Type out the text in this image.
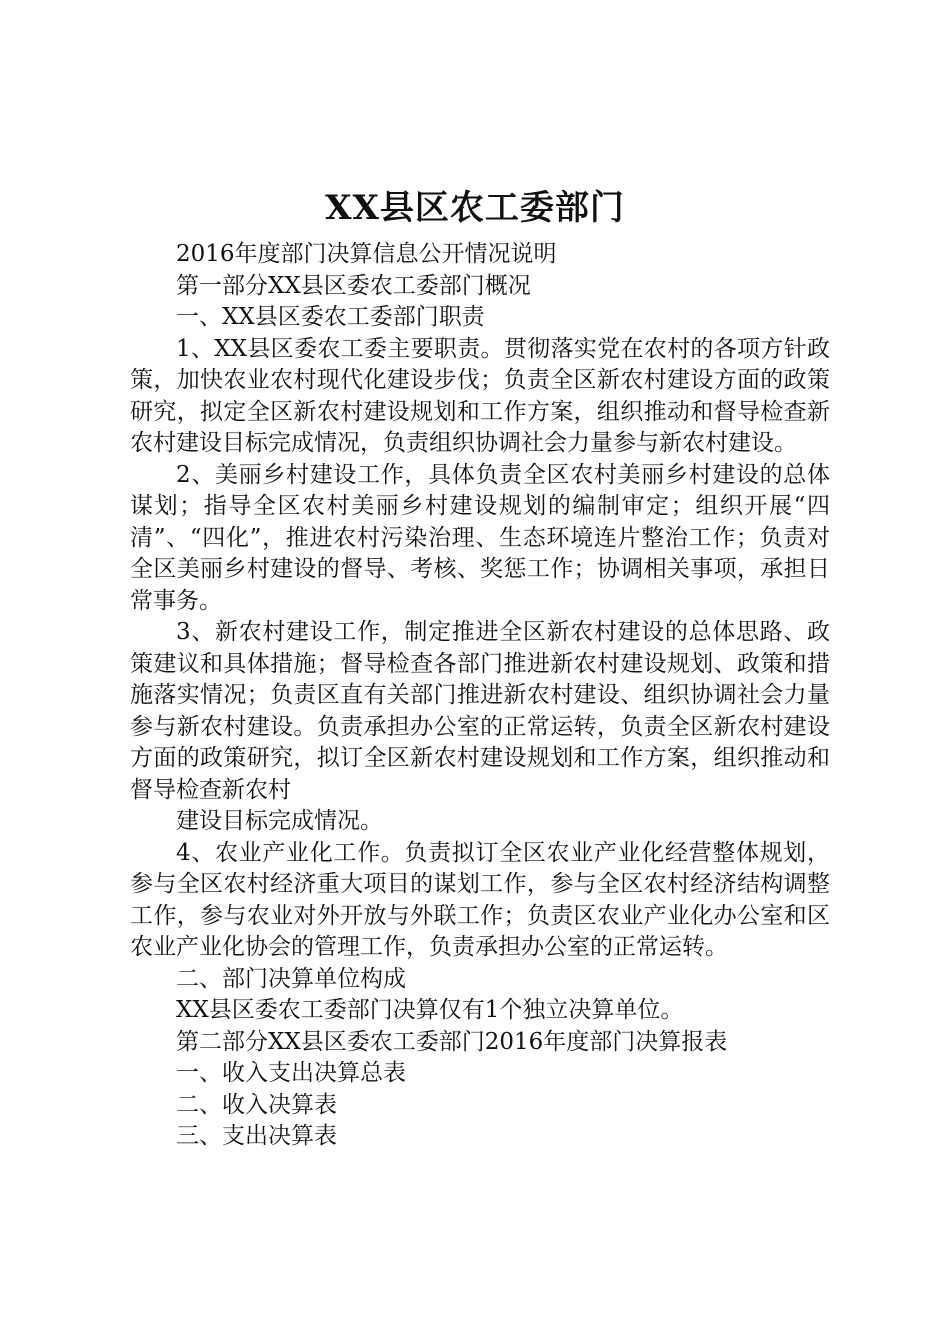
XX县区农工委部门

2016年度部门决算信息公开情况说明

第一部分XX县区委农工委部门概况

一、XX县区委农工委部门职责

1、XX县区委农工委主要职责。贯彻落实党在农村的各项方针政策，加快农业农村现代化建设步伐；负责全区新农村建设方面的政策研究，拟定全区新农村建设规划和工作方案，组织推动和督导检查新农村建设目标完成情况，负责组织协调社会力量参与新农村建设。

2、美丽乡村建设工作，具体负责全区农村美丽乡村建设的总体谋划；指导全区农村美丽乡村建设规划的编制审定；组织开展“四清”、“四化”，推进农村污染治理、生态环境连片整治工作；负责对全区美丽乡村建设的督导、考核、奖惩工作；协调相关事项，承担日常事务。

3、新农村建设工作，制定推进全区新农村建设的总体思路、政策建议和具体措施；督导检查各部门推进新农村建设规划、政策和措施落实情况；负责区直有关部门推进新农村建设、组织协调社会力量参与新农村建设。负责承担办公室的正常运转，负责全区新农村建设方面的政策研究，拟订全区新农村建设规划和工作方案，组织推动和督导检查新农村

建设目标完成情况。

4、农业产业化工作。负责拟订全区农业产业化经营整体规划，参与全区农村经济重大项目的谋划工作，参与全区农村经济结构调整工作，参与农业对外开放与外联工作；负责区农业产业化办公室和区农业产业化协会的管理工作，负责承担办公室的正常运转。

二、部门决算单位构成

XX县区委农工委部门决算仅有1个独立决算单位。

第二部分XX县区委农工委部门2016年度部门决算报表

一、收入支出决算总表

二、收入决算表

三、支出决算表
